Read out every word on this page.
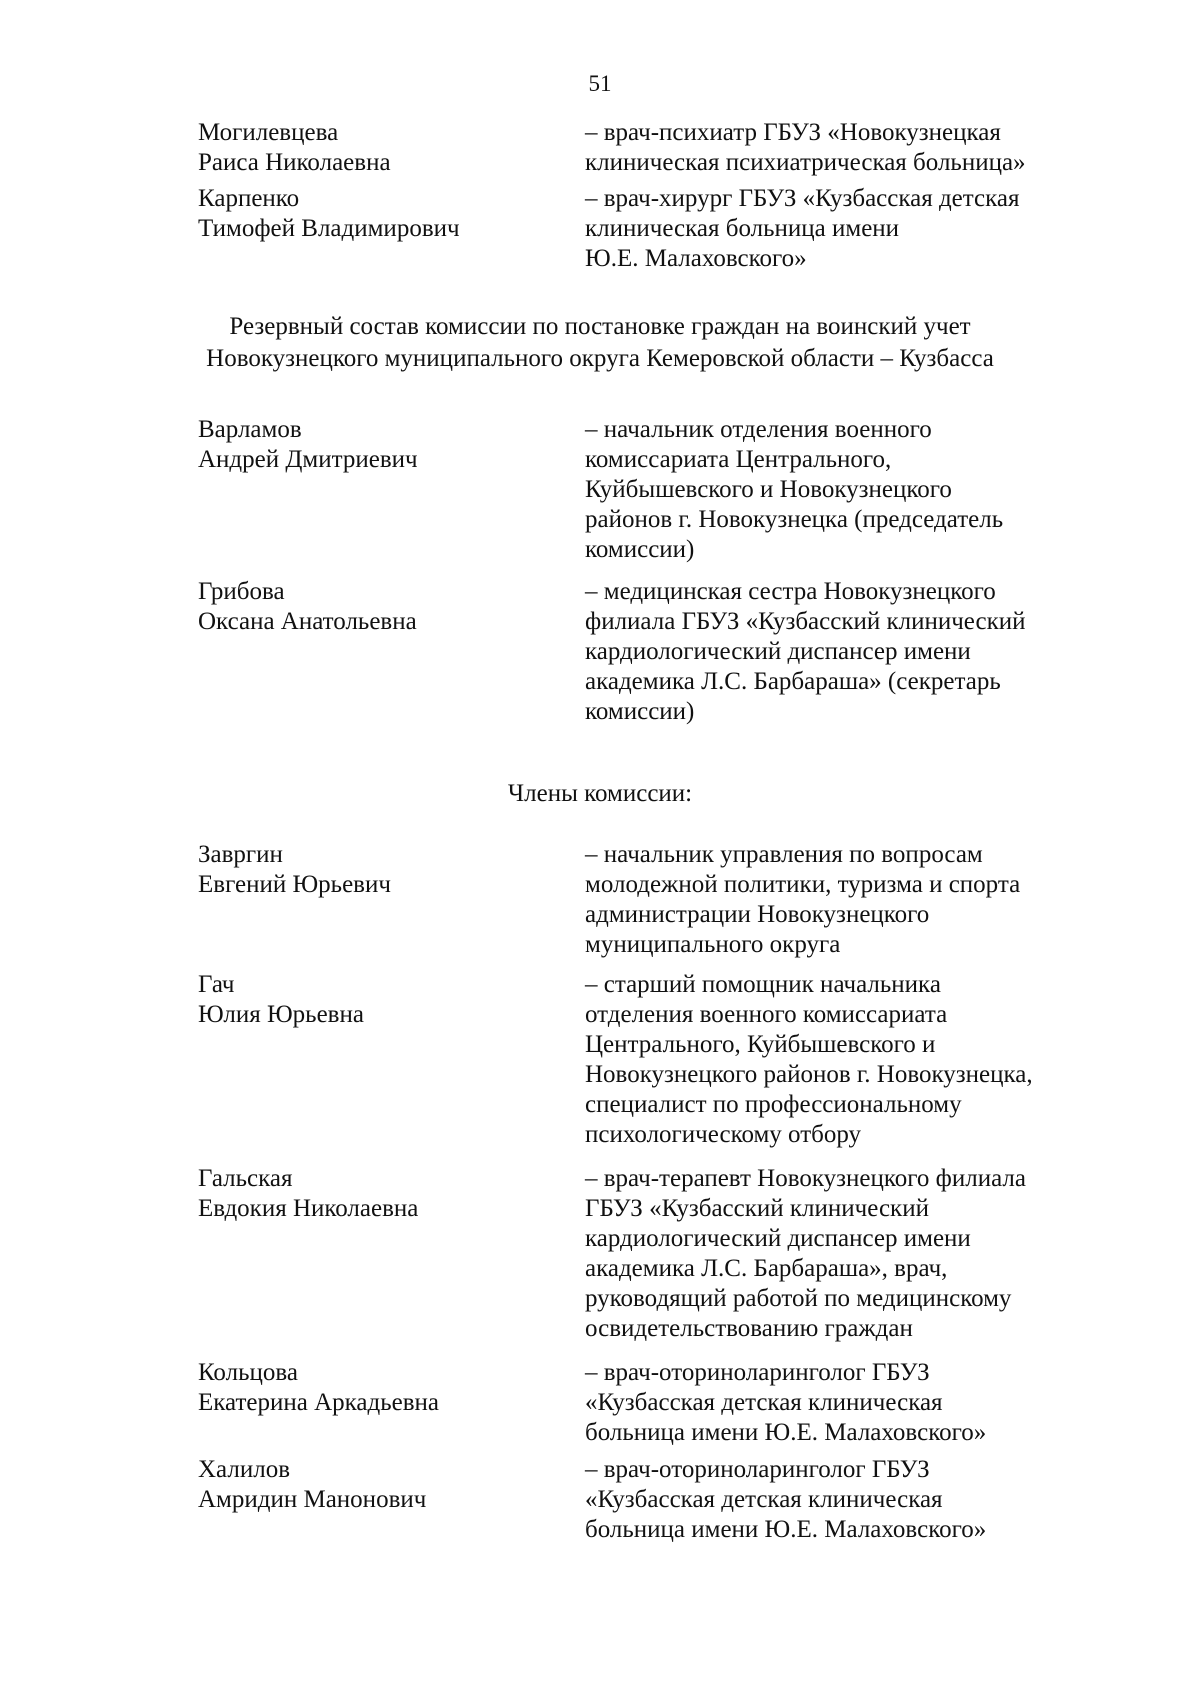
51
Могилевцева
Раиса Николаевна
– врач-психиатр ГБУЗ «Новокузнецкая
клиническая психиатрическая больница»
Карпенко
Тимофей Владимирович
– врач-хирург ГБУЗ «Кузбасская детская
клиническая больница имени
Ю.Е. Малаховского»
Резервный состав комиссии по постановке граждан на воинский учет
Новокузнецкого муниципального округа Кемеровской области – Кузбасса
Варламов
Андрей Дмитриевич
– начальник отделения военного
комиссариата Центрального,
Куйбышевского и Новокузнецкого
районов г. Новокузнецка (председатель
комиссии)
Грибова
Оксана Анатольевна
– медицинская сестра Новокузнецкого
филиала ГБУЗ «Кузбасский клинический
кардиологический диспансер имени
академика Л.С. Барбараша» (секретарь
комиссии)
Члены комиссии:
Завргин
Евгений Юрьевич
– начальник управления по вопросам
молодежной политики, туризма и спорта
администрации Новокузнецкого
муниципального округа
Гач
Юлия Юрьевна
– старший помощник начальника
отделения военного комиссариата
Центрального, Куйбышевского и
Новокузнецкого районов г. Новокузнецка,
специалист по профессиональному
психологическому отбору
Гальская
Евдокия Николаевна
– врач-терапевт Новокузнецкого филиала
ГБУЗ «Кузбасский клинический
кардиологический диспансер имени
академика Л.С. Барбараша», врач,
руководящий работой по медицинскому
освидетельствованию граждан
Кольцова
Екатерина Аркадьевна
– врач-оториноларинголог ГБУЗ
«Кузбасская детская клиническая
больница имени Ю.Е. Малаховского»
Халилов
Амридин Манонович
– врач-оториноларинголог ГБУЗ
«Кузбасская детская клиническая
больница имени Ю.Е. Малаховского»
